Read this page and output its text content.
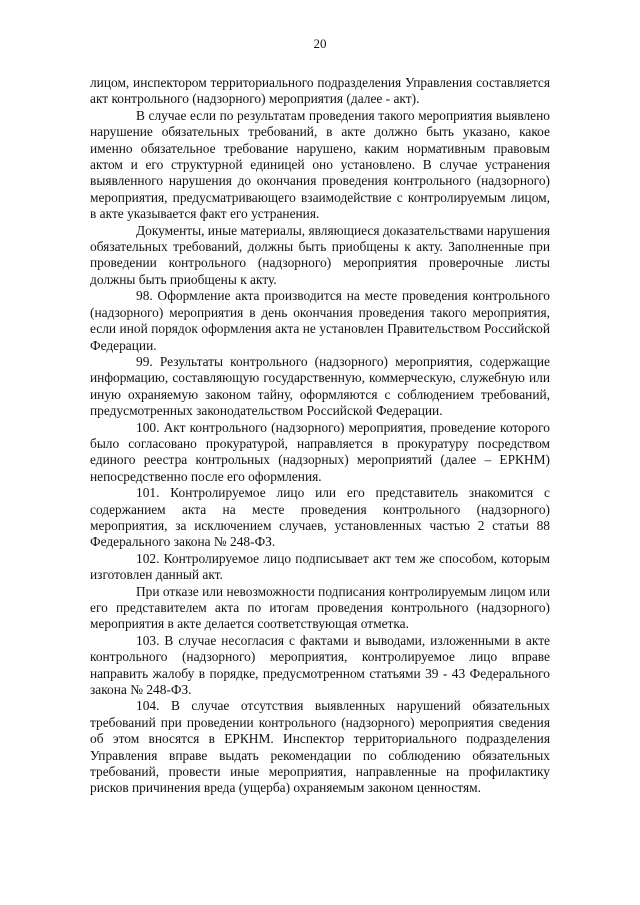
20

лицом, инспектором территориального подразделения Управления составляется акт контрольного (надзорного) мероприятия (далее - акт).

В случае если по результатам проведения такого мероприятия выявлено нарушение обязательных требований, в акте должно быть указано, какое именно обязательное требование нарушено, каким нормативным правовым актом и его структурной единицей оно установлено. В случае устранения выявленного нарушения до окончания проведения контрольного (надзорного) мероприятия, предусматривающего взаимодействие с контролируемым лицом, в акте указывается факт его устранения.

Документы, иные материалы, являющиеся доказательствами нарушения обязательных требований, должны быть приобщены к акту. Заполненные при проведении контрольного (надзорного) мероприятия проверочные листы должны быть приобщены к акту.

98. Оформление акта производится на месте проведения контрольного (надзорного) мероприятия в день окончания проведения такого мероприятия, если иной порядок оформления акта не установлен Правительством Российской Федерации.

99. Результаты контрольного (надзорного) мероприятия, содержащие информацию, составляющую государственную, коммерческую, служебную или иную охраняемую законом тайну, оформляются с соблюдением требований, предусмотренных законодательством Российской Федерации.

100. Акт контрольного (надзорного) мероприятия, проведение которого было согласовано прокуратурой, направляется в прокуратуру посредством единого реестра контрольных (надзорных) мероприятий (далее – ЕРКНМ) непосредственно после его оформления.

101. Контролируемое лицо или его представитель знакомится с содержанием акта на месте проведения контрольного (надзорного) мероприятия, за исключением случаев, установленных частью 2 статьи 88 Федерального закона № 248-ФЗ.

102. Контролируемое лицо подписывает акт тем же способом, которым изготовлен данный акт.

При отказе или невозможности подписания контролируемым лицом или его представителем акта по итогам проведения контрольного (надзорного) мероприятия в акте делается соответствующая отметка.

103. В случае несогласия с фактами и выводами, изложенными в акте контрольного (надзорного) мероприятия, контролируемое лицо вправе направить жалобу в порядке, предусмотренном статьями 39 - 43 Федерального закона № 248-ФЗ.

104. В случае отсутствия выявленных нарушений обязательных требований при проведении контрольного (надзорного) мероприятия сведения об этом вносятся в ЕРКНМ. Инспектор территориального подразделения Управления вправе выдать рекомендации по соблюдению обязательных требований, провести иные мероприятия, направленные на профилактику рисков причинения вреда (ущерба) охраняемым законом ценностям.
